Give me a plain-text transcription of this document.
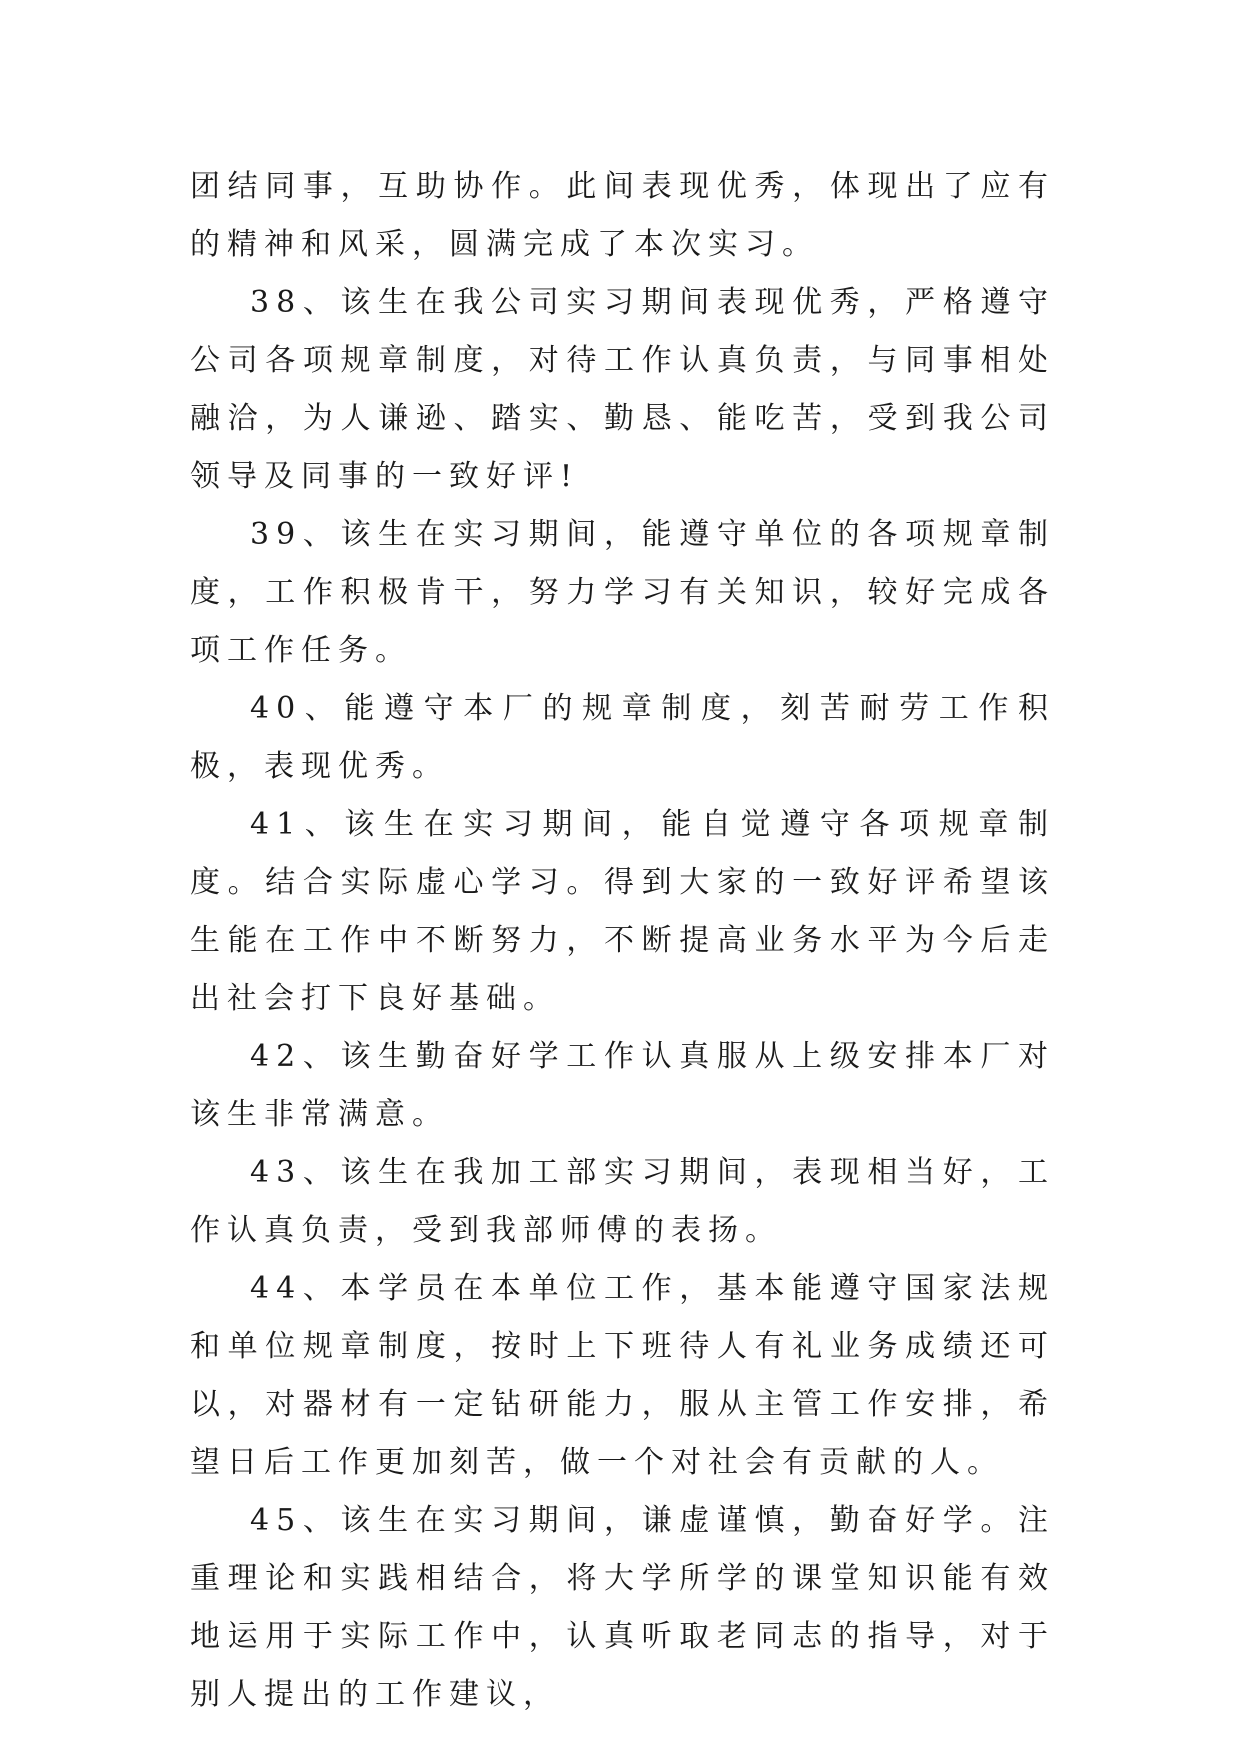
团结同事，互助协作。此间表现优秀，体现出了应有的精神和风采，圆满完成了本次实习。

38、该生在我公司实习期间表现优秀，严格遵守公司各项规章制度，对待工作认真负责，与同事相处融洽，为人谦逊、踏实、勤恳、能吃苦，受到我公司领导及同事的一致好评!

39、该生在实习期间，能遵守单位的各项规章制度，工作积极肯干，努力学习有关知识，较好完成各项工作任务。

40、能遵守本厂的规章制度，刻苦耐劳工作积极，表现优秀。

41、该生在实习期间，能自觉遵守各项规章制度。结合实际虚心学习。得到大家的一致好评希望该生能在工作中不断努力，不断提高业务水平为今后走出社会打下良好基础。

42、该生勤奋好学工作认真服从上级安排本厂对该生非常满意。

43、该生在我加工部实习期间，表现相当好，工作认真负责，受到我部师傅的表扬。

44、本学员在本单位工作，基本能遵守国家法规和单位规章制度，按时上下班待人有礼业务成绩还可以，对器材有一定钻研能力，服从主管工作安排，希望日后工作更加刻苦，做一个对社会有贡献的人。

45、该生在实习期间，谦虚谨慎，勤奋好学。注重理论和实践相结合，将大学所学的课堂知识能有效地运用于实际工作中，认真听取老同志的指导，对于别人提出的工作建议，
